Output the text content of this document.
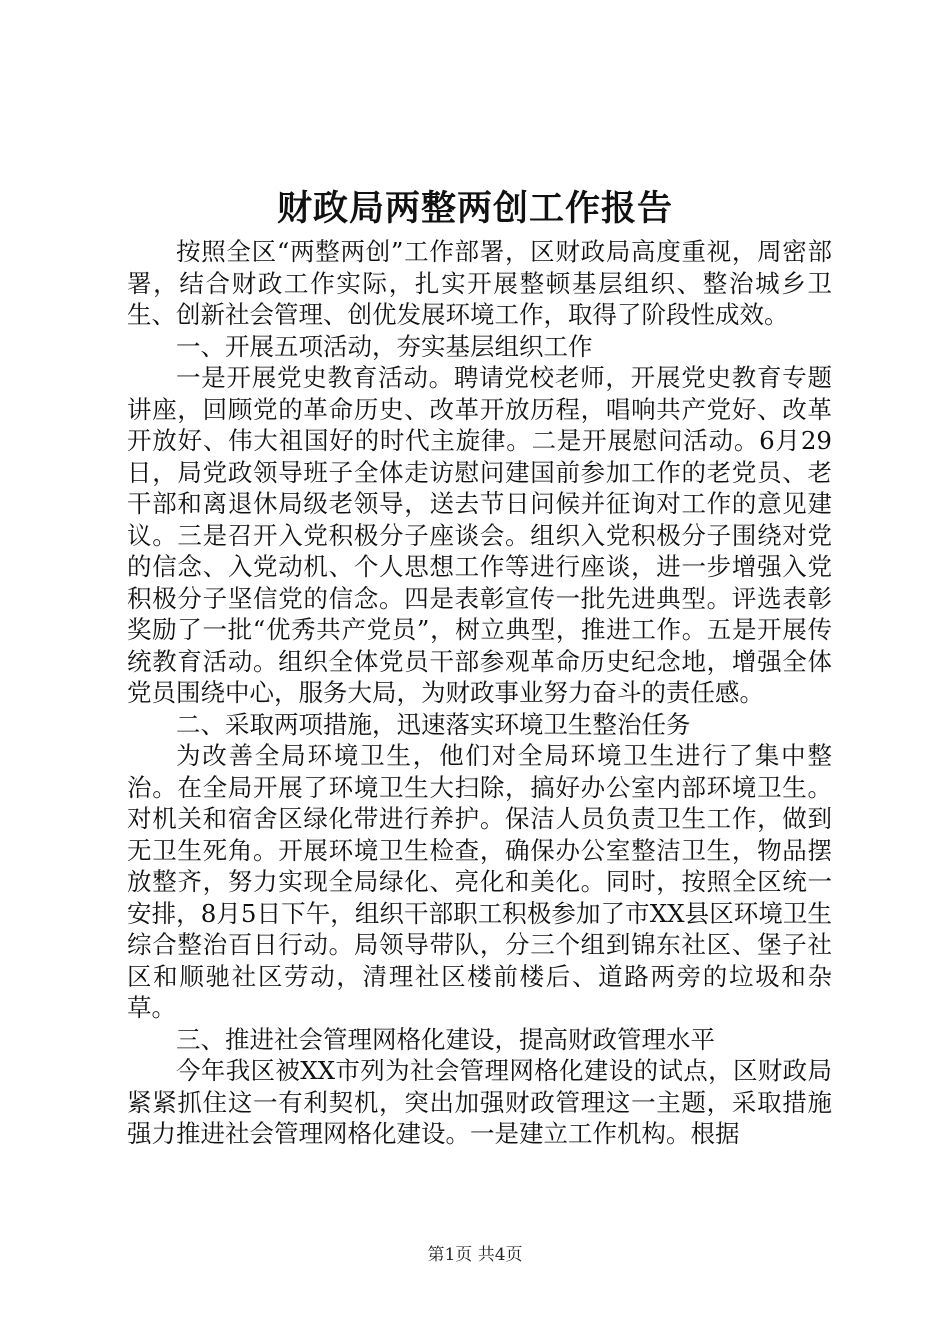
财政局两整两创工作报告

按照全区“两整两创”工作部署，区财政局高度重视，周密部署，结合财政工作实际，扎实开展整顿基层组织、整治城乡卫生、创新社会管理、创优发展环境工作，取得了阶段性成效。

一、开展五项活动，夯实基层组织工作

一是开展党史教育活动。聘请党校老师，开展党史教育专题讲座，回顾党的革命历史、改革开放历程，唱响共产党好、改革开放好、伟大祖国好的时代主旋律。二是开展慰问活动。6月29日，局党政领导班子全体走访慰问建国前参加工作的老党员、老干部和离退休局级老领导，送去节日问候并征询对工作的意见建议。三是召开入党积极分子座谈会。组织入党积极分子围绕对党的信念、入党动机、个人思想工作等进行座谈，进一步增强入党积极分子坚信党的信念。四是表彰宣传一批先进典型。评选表彰奖励了一批“优秀共产党员”，树立典型，推进工作。五是开展传统教育活动。组织全体党员干部参观革命历史纪念地，增强全体党员围绕中心，服务大局，为财政事业努力奋斗的责任感。

二、采取两项措施，迅速落实环境卫生整治任务

为改善全局环境卫生，他们对全局环境卫生进行了集中整治。在全局开展了环境卫生大扫除，搞好办公室内部环境卫生。对机关和宿舍区绿化带进行养护。保洁人员负责卫生工作，做到无卫生死角。开展环境卫生检查，确保办公室整洁卫生，物品摆放整齐，努力实现全局绿化、亮化和美化。同时，按照全区统一安排，8月5日下午，组织干部职工积极参加了市XX县区环境卫生综合整治百日行动。局领导带队，分三个组到锦东社区、堡子社区和顺驰社区劳动，清理社区楼前楼后、道路两旁的垃圾和杂草。

三、推进社会管理网格化建设，提高财政管理水平

今年我区被XX市列为社会管理网格化建设的试点，区财政局紧紧抓住这一有利契机，突出加强财政管理这一主题，采取措施强力推进社会管理网格化建设。一是建立工作机构。根据

第1页 共4页
